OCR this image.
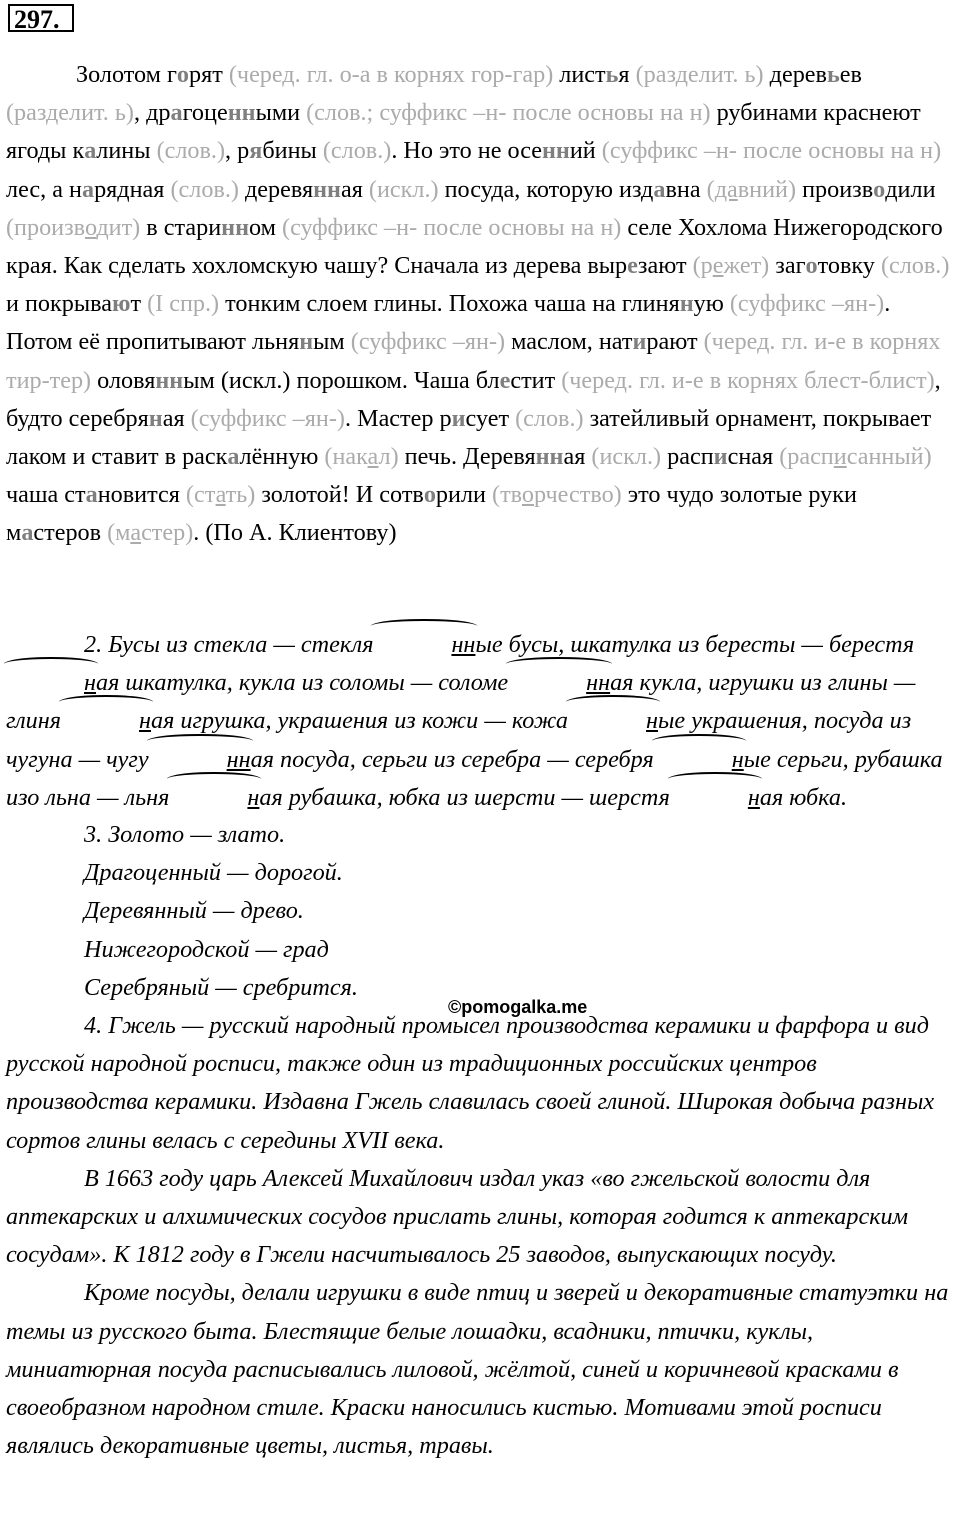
297.

Золотом горят (черед. гл. о-а в корнях гор-гар) листья (разделит. ь) деревьев (разделит. ь), драгоценными (слов.; суффикс –н- после основы на н) рубинами краснеют ягоды калины (слов.), рябины (слов.). Но это не осенний (суффикс –н- после основы на н) лес, а нарядная (слов.) деревянная (искл.) посуда, которую издавна (давний) производили (производит) в старинном (суффикс –н- после основы на н) селе Хохлома Нижегородского края. Как сделать хохломскую чашу? Сначала из дерева вырезают (режет) заготовку (слов.) и покрывают (I спр.) тонким слоем глины. Похожа чаша на глиняную (суффикс –ян-). Потом её пропитывают льняным (суффикс –ян-) маслом, натирают (черед. гл. и-е в корнях тир-тер) оловянным (искл.) порошком. Чаша блестит (черед. гл. и-е в корнях блест-блист), будто серебряная (суффикс –ян-). Мастер рисует (слов.) затейливый орнамент, покрывает лаком и ставит в раскалённую (накал) печь. Деревянная (искл.) расписная (расписанный) чаша становится (стать) золотой! И сотворили (творчество) это чудо золотые руки мастеров (мастер). (По А. Клиентову)

2. Бусы из стекла — стекля	нные бусы, шкатулка из бересты — берестяная шкатулка, кукла из соломы — соломе	нная кукла, игрушки из глины — глиня	ная игрушка, украшения из кожи — кожа	ные украшения, посуда из чугуна — чугу	нная посуда, серьги из серебра — серебря	ные серьги, рубашка изо льна — льня	ная рубашка, юбка из шерсти — шерстя	ная юбка.

3. Золото — злато.
Драгоценный — дорогой.
Деревянный — древо.
Нижегородской — град
Серебряный — сребрится.
©pomogalka.me

4. Гжель — русский народный промысел производства керамики и фарфора и вид русской народной росписи, также один из традиционных российских центров производства керамики. Издавна Гжель славилась своей глиной. Широкая добыча разных сортов глины велась с середины XVII века.

В 1663 году царь Алексей Михайлович издал указ «во гжельской волости для аптекарских и алхимических сосудов прислать глины, которая годится к аптекарским сосудам». К 1812 году в Гжели насчитывалось 25 заводов, выпускающих посуду.

Кроме посуды, делали игрушки в виде птиц и зверей и декоративные статуэтки на темы из русского быта. Блестящие белые лошадки, всадники, птички, куклы, миниатюрная посуда расписывались лиловой, жёлтой, синей и коричневой красками в своеобразном народном стиле. Краски наносились кистью. Мотивами этой росписи являлись декоративные цветы, листья, травы.
